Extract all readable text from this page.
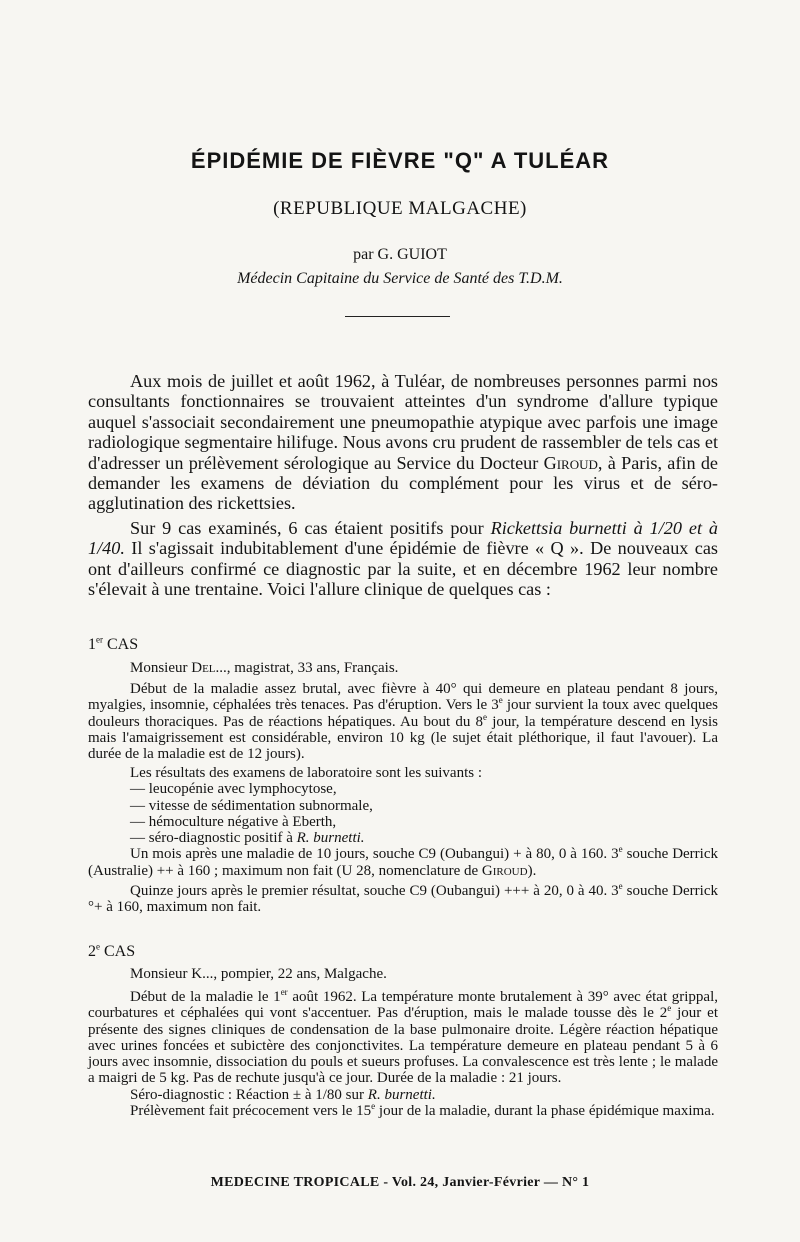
ÉPIDÉMIE DE FIÈVRE "Q" A TULÉAR
(REPUBLIQUE MALGACHE)
par G. GUIOT
Médecin Capitaine du Service de Santé des T.D.M.

Aux mois de juillet et août 1962, à Tuléar, de nombreuses personnes parmi nos consultants fonctionnaires se trouvaient atteintes d'un syndrome d'allure typique auquel s'associait secondairement une pneumopathie atypique avec parfois une image radiologique segmentaire hilifuge. Nous avons cru prudent de rassembler de tels cas et d'adresser un prélèvement sérologique au Service du Docteur Giroud, à Paris, afin de demander les examens de déviation du complément pour les virus et de séro-agglutination des rickettsies.

Sur 9 cas examinés, 6 cas étaient positifs pour Rickettsia burnetti à 1/20 et à 1/40. Il s'agissait indubitablement d'une épidémie de fièvre « Q ». De nouveaux cas ont d'ailleurs confirmé ce diagnostic par la suite, et en décembre 1962 leur nombre s'élevait à une trentaine. Voici l'allure clinique de quelques cas :

1er CAS
Monsieur Del..., magistrat, 33 ans, Français.
Début de la maladie assez brutal, avec fièvre à 40° qui demeure en plateau pendant 8 jours, myalgies, insomnie, céphalées très tenaces. Pas d'éruption. Vers le 3e jour survient la toux avec quelques douleurs thoraciques. Pas de réactions hépatiques. Au bout du 8e jour, la température descend en lysis mais l'amaigrissement est considérable, environ 10 kg (le sujet était pléthorique, il faut l'avouer). La durée de la maladie est de 12 jours).
Les résultats des examens de laboratoire sont les suivants :
— leucopénie avec lymphocytose,
— vitesse de sédimentation subnormale,
— hémoculture négative à Eberth,
— séro-diagnostic positif à R. burnetti.
Un mois après une maladie de 10 jours, souche C9 (Oubangui) + à 80, 0 à 160. 3e souche Derrick (Australie) ++ à 160 ; maximum non fait (U 28, nomenclature de Giroud).
Quinze jours après le premier résultat, souche C9 (Oubangui) +++ à 20, 0 à 40. 3e souche Derrick °+ à 160, maximum non fait.
2e CAS
Monsieur K..., pompier, 22 ans, Malgache.
Début de la maladie le 1er août 1962. La température monte brutalement à 39° avec état grippal, courbatures et céphalées qui vont s'accentuer. Pas d'éruption, mais le malade tousse dès le 2e jour et présente des signes cliniques de condensation de la base pulmonaire droite. Légère réaction hépatique avec urines foncées et subictère des conjonctivites. La température demeure en plateau pendant 5 à 6 jours avec insomnie, dissociation du pouls et sueurs profuses. La convalescence est très lente ; le malade a maigri de 5 kg. Pas de rechute jusqu'à ce jour. Durée de la maladie : 21 jours.
Séro-diagnostic : Réaction ± à 1/80 sur R. burnetti.
Prélèvement fait précocement vers le 15e jour de la maladie, durant la phase épidémique maxima.
MEDECINE TROPICALE - Vol. 24, Janvier-Février — N° 1
